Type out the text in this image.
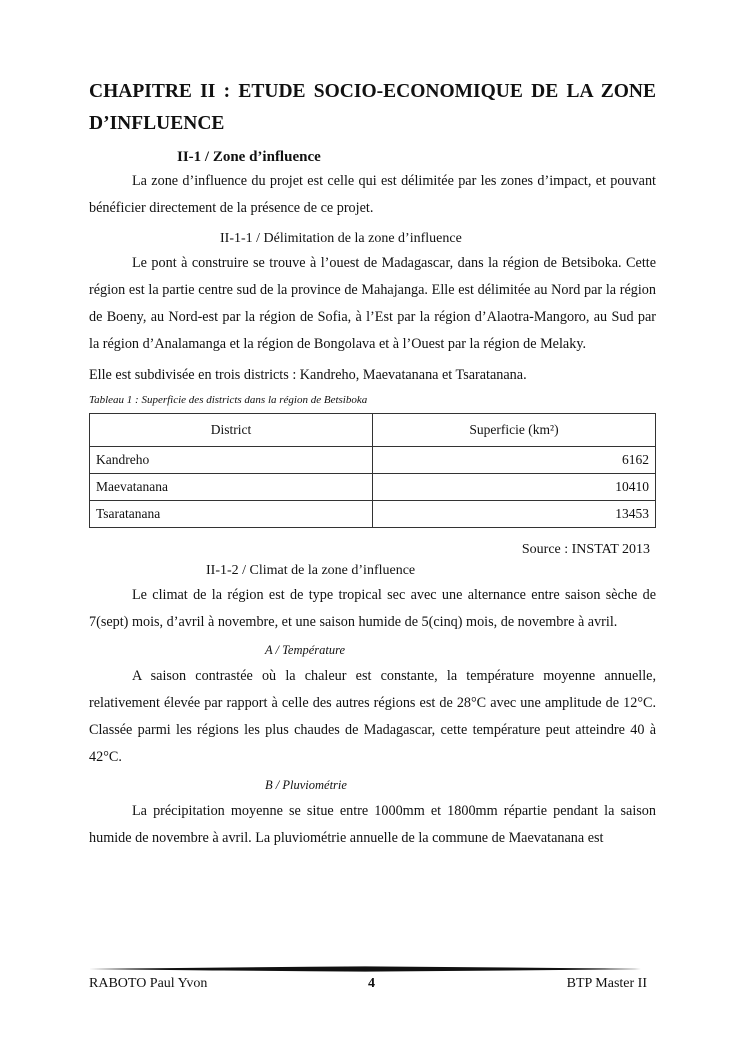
CHAPITRE II : ETUDE SOCIO-ECONOMIQUE DE LA ZONE D’INFLUENCE
II-1 / Zone d’influence

La zone d’influence du projet est celle qui est délimitée par les zones d’impact, et pouvant bénéficier directement de la présence de ce projet.

II-1-1 / Délimitation de la zone d’influence

Le pont à construire se trouve à l’ouest de Madagascar, dans la région de Betsiboka. Cette région est la partie centre sud de la province de Mahajanga. Elle est délimitée au Nord par la région de Boeny, au Nord-est par la région de Sofia, à l’Est par la région d’Alaotra-Mangoro, au Sud par la région d’Analamanga et la région de Bongolava et à l’Ouest par la région de Melaky.

Elle est subdivisée en trois districts : Kandreho, Maevatanana et Tsaratanana.

Tableau 1 : Superficie des districts dans la région de Betsiboka
District	Superficie (km²)
Kandreho	6162
Maevatanana	10410
Tsaratanana	13453
Source : INSTAT 2013
II-1-2 / Climat de la zone d’influence

Le climat de la région est de type tropical sec avec une alternance entre saison sèche de 7(sept) mois, d’avril à novembre, et une saison humide de 5(cinq) mois, de novembre à avril.

A / Température

A saison contrastée où la chaleur est constante, la température moyenne annuelle, relativement élevée par rapport à celle des autres régions est de 28°C avec une amplitude de 12°C. Classée parmi les régions les plus chaudes de Madagascar, cette température peut atteindre 40 à 42°C.

B / Pluviométrie

La précipitation moyenne se situe entre 1000mm et 1800mm répartie pendant la saison humide de novembre à avril. La pluviométrie annuelle de la commune de Maevatanana est

RABOTO Paul Yvon	4	BTP Master II
